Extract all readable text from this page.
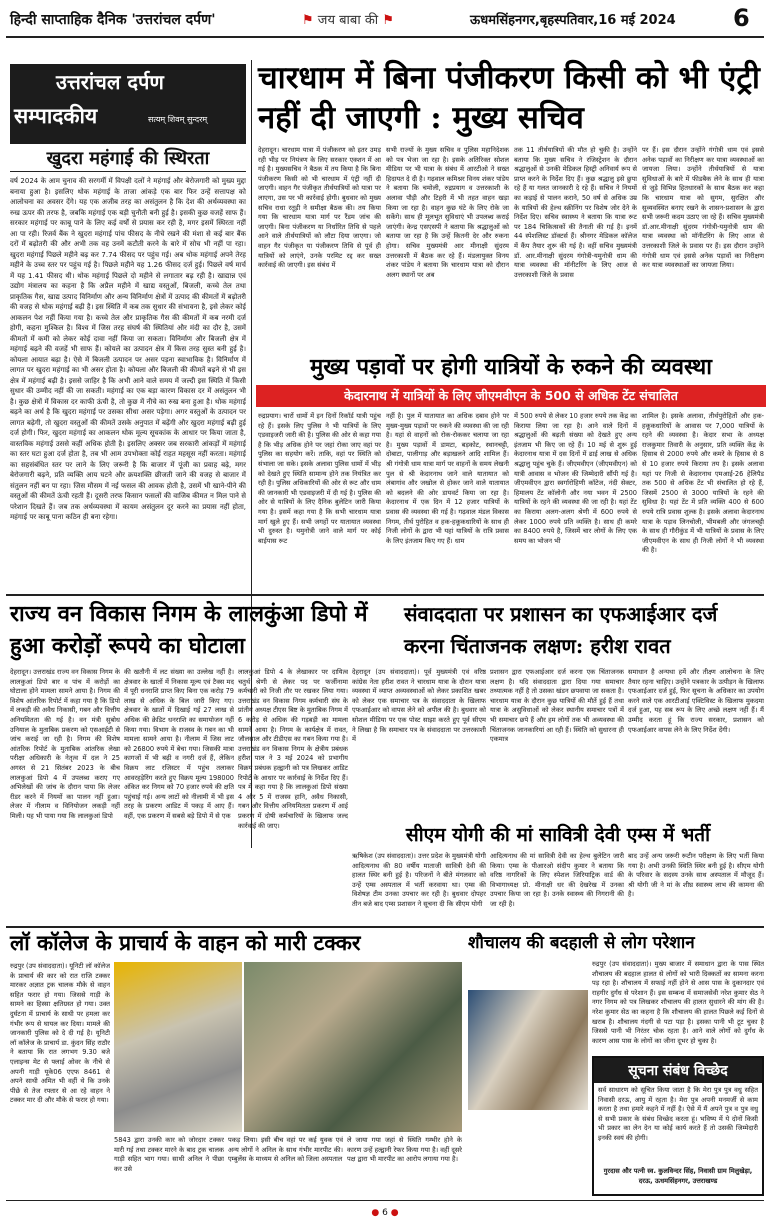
हिन्दी साप्ताहिक दैनिक 'उत्तरांचल दर्पण'	⚑ जय बाबा की ⚑	ऊधमसिंहनगर,बृहस्पतिवार,16 मई 2024 6
उत्तरांचल दर्पण
सम्पादकीय	सत्यम् शिवम् सुन्दरम्
खुदरा महंगाई की स्थिरता
वर्ष 2024 के आम चुनाव की सरगर्मी में विपक्षी दलों ने महंगाई और बेरोजगारी को मुख्य मुद्दा बनाया हुआ है। इसलिए थोक महंगाई के ताजा आंकड़े एक बार फिर उन्हें सत्तापक्ष को आलोचना का अवसर देंगे। यह एक अजीब तरह का असंतुलन है कि देश की अर्थव्यवस्था का रुख ऊपर की तरफ है, जबकि महंगाई एक बड़ी चुनौती बनी हुई है। इसकी कुछ वजहें साफ हैं। सरकार महंगाई पर काबू पाने के लिए कई वर्षों से प्रयास कर रही है, मगर इसमें स्थिरता नहीं आ पा रही। रिजर्व बैंक ने खुदरा महंगाई पांच फीसद के नीचे रखने की मंशा से कई बार बैंक दरों में बढ़ोतरी की और अभी तक वह उनमें कटौती करने के बारे में सोच भी नहीं पा रहा। खुदरा महंगाई पिछले महीने बढ़ कर 7.74 फीसद पर पहुंच गई। अब थोक महंगाई अपने तेरह महीने के उच्च स्तर पर पहुंच गई है। पिछले महीने यह 1.26 फीसद दर्ज हुई। पिछले वर्ष मार्च में यह 1.41 फीसद थी। थोक महंगाई पिछले दो महीने से लगातार बढ़ रही है। खाद्यान्न एवं उद्योग मंत्रालय का कहना है कि अप्रैल महीने में खाद्य वस्तुओं, बिजली, कच्चे तेल तथा प्राकृतिक गैस, खाद्य उत्पाद विनिर्माण और अन्य विनिर्माण क्षेत्रों में उत्पाद की कीमतों में बढ़ोतरी की वजह से थोक महंगाई बढ़ी है। इस स्थिति में कब तक सुधार की संभावना है, इसे लेकर कोई आकलन पेश नहीं किया गया है। कच्चे तेल और प्राकृतिक गैस की कीमतों में कब नरमी दर्ज होगी, कहना मुश्किल है। विश्व में जिस तरह संघर्ष की स्थितियां और मंदी का दौर है, उसमें कीमतों में कमी को लेकर कोई दावा नहीं किया जा सकता। विनिर्माण और बिजली क्षेत्र में महंगाई बढ़ने की वजहें भी साफ हैं। कोयले का उत्पादन क्षेत्र में किस तरह सुस्त बनी हुई है। कोयला आयात बढ़ा है। ऐसे में बिजली उत्पादन पर असर पड़ना स्वाभाविक है। विनिर्माण में लागत पर खुदरा महंगाई का भी असर होता है। कोयला और बिजली की कीमतें बढ़ने से भी इस क्षेत्र में महंगाई बढ़ी है। इससे जाहिर है कि अभी आने वाले समय में जल्दी इस स्थिति में किसी सुधार की उम्मीद नहीं की जा सकती। महंगाई का एक बड़ा कारण विकास दर में असंतुलन भी है। कुछ क्षेत्रों में विकास दर काफी ऊंची है, तो कुछ में नीचे का रुख बना हुआ है। थोक महंगाई बढ़ने का अर्थ है कि खुदरा महंगाई पर उसका सीधा असर पड़ेगा। अगर वस्तुओं के उत्पादन पर लागत बढ़ेगी, तो खुदरा वस्तुओं की कीमतें उसके अनुपात में बढ़ेंगी और खुदरा महंगाई बढ़ी हुई दर्ज होगी। फिर, खुदरा महंगाई का आकलन थोक मूल्य सूचकांक के आधार पर किया जाता है, वास्तविक महंगाई उससे कहीं अधिक होती है। इसलिए अक्सर जब सरकारी आंकड़ों में महंगाई का स्तर घटा हुआ दर्ज होता है, तब भी आम उपभोक्ता कोई राहत महसूस नहीं करता। महंगाई का सहसंबंधित स्तर पर लाने के लिए जरूरी है कि बाजार में पूंजी का प्रवाह बढ़े, मगर बेरोजगारी बढ़ने, प्रति व्यक्ति आय घटने और क्रयशक्ति छीजती जाने की वजह से बाजार में संतुलन नहीं बन पा रहा। जिस मौसम में नई फसल की आवक होती है, उसमें भी खाने-पीने की वस्तुओं की कीमतें ऊंची रहती हैं। दूसरी तरफ किसान फसलों की वाजिब कीमत न मिल पाने से परेशान दिखते हैं। जब तक अर्थव्यवस्था में कायम असंतुलन दूर करने का प्रयास नहीं होता, महंगाई पर काबू पाना कठिन ही बना रहेगा।
चारधाम में बिना पंजीकरण किसी को भी एंट्री नहीं दी जाएगी : मुख्य सचिव
देहरादून। चारधाम यात्रा में पंजीकरण को इतर उमड़ रही भीड़ पर नियंत्रण के लिए सरकार एक्शन में आ गई है। मुख्यसचिव ने बैठक में तय किया है कि बिना पंजीकरण किसी को भी चारधाम में एंट्री नहीं दी जाएगी। वाहन गैर पंजीकृत तीर्थयात्रियों को यात्रा पर लाएगा, उस पर भी कार्रवाई होगी। बुधवार को मुख्य सचिव राधा रतूड़ी ने समीक्षा बैठक की। तय किया गया कि चारधाम यात्रा मार्ग पर रैंडम जांच की जाएगी। बिना पंजीकरण या निर्धारित तिथि से पहले आने वाले तीर्थयात्रियों को लौटा दिया जाएगा। जो वाहन गैर पंजीकृत या पंजीकरण तिथि से पूर्व ही यात्रियों को लाएंगे, उनके परमिट रद्द कर सख्त कार्रवाई की जाएगी। इस संबंध में
सभी राज्यों के मुख्य सचिव व पुलिस महानिदेशक को पत्र भेजा जा रहा है। इसके अतिरिक्त सोशल मीडिया पर भी यात्रा के संबंध में आरटीओ ने सख्त हिदायत दे दी है। गढ़वाल कमिश्नर विनय शंकर पांडेय ने बताया कि चमोली, रुद्रप्रयाग व उत्तरकाशी के अलावा पौड़ी और टिहरी में भी तहत वाहन खड़ा किया जा रहा है। वाहन कुछ घंटे के लिए रोके जा सकेंगे। साथ ही मूलभूत सुविधाएं भी उपलब्ध कराई जाएंगी। केन्द्र एसएसपी ने बताया कि श्रद्धालुओं को बताया जा रहा है कि उन्हें कितनी देर और रुकना होगा। सचिव मुख्यमंत्री आर मीनाक्षी सुंदरम उत्तरकाशी में बैठक कर रहे हैं। मंडलायुक्त विनय शंकर पांडेय ने बताया कि चारधाम यात्रा को दौरान अलग स्थानों पर अब
तक 11 तीर्थयात्रियों की मौत हो चुकी है। उन्होंने बताया कि मुख्य सचिव ने रजिस्ट्रेशन के दौरान श्रद्धालुओं से उनकी मेडिकल हिस्ट्री अनिवार्य रूप से प्राप्त करने के निर्देश दिए हैं। कुछ श्रद्धालु इसे छुपा रहे हैं या गलत जानकारी दे रहे हैं। सचिव ने नियमों का कड़ाई से पालन कराने, 50 वर्ष से अधिक उम्र के यात्रियों की हेल्थ स्क्रीनिंग पर विशेष जोर देने के निर्देश दिए। सचिव स्वास्थ्य ने बताया कि यात्रा रूट पर 184 चिकित्सकों की तैनाती की गई है। इनमें 44 स्पेशलिस्ट डॉक्टर्स हैं। श्रीनगर मेडिकल कॉलेज में कैंप तैयार शुरू की गई है। वहीं सचिव मुख्यमंत्री डॉ. आर.मीनाक्षी सुंदरम गंगोत्री-यमुनोत्री धाम की यात्रा व्यवस्था की मॉनीटरिंग के लिए आज से उत्तरकाशी जिले के प्रवास
पर हैं। इस दौरान उन्होंने गंगोत्री धाम एवं इससे अनेक पड़ावों का निरीक्षण कर यात्रा व्यवस्थाओं का जायजा लिया। उन्होंने तीर्थयात्रियों से यात्रा सुविधाओं के बारे में फीडबैक लेने के साथ ही यात्रा से जुड़े विभिन्न हितधारकों के साथ बैठक कर कहा कि चारधाम यात्रा को सुगम, सुरक्षित और सुव्यवस्थित बनाए रखने के शासन-प्रशासन के द्वारा सभी जरूरी कदम उठाए जा रहे हैं। सचिव मुख्यमंत्री डॉ.आर.मीनाक्षी सुंदरम गंगोत्री-यमुनोत्री धाम की यात्रा व्यवस्था को मॉनीटरिंग के लिए आज से उत्तरकाशी जिले के प्रवास पर हैं। इस दौरान उन्होंने गंगोत्री धाम एवं इससे अनेक पड़ावों का निरीक्षण कर यात्रा व्यवस्थाओं का जायजा लिया।
मुख्य पड़ावों पर होगी यात्रियों के रुकने की व्यवस्था
केदारनाथ में यात्रियों के लिए जीएमवीएन के 500 से अधिक टेंट संचालित
रुद्रप्रयाग। चारों धामों में इन दिनों रिकॉर्ड यात्री पहुंच रहे हैं। इसके लिए पुलिस ने भी यात्रियों के लिए एडवाइजरी जारी की है। पुलिस की ओर से कहा गया है कि भीड़ अधिक होने पर जहां रोका जाए वहां पर पुलिस का सहयोग करें। ताकि, वहां पर स्थिति को संभाला जा सके। इसके अलावा पुलिस धामों में भीड़ को देखते हुए स्थिति सामान्य होने तक नियंत्रित कर रही है। पुलिस अधिकारियों की ओर से रूट और धाम की जानकारी भी एडवाइजरी में दी गई है। पुलिस की ओर से यात्रियों के लिए दैनिक बुलेटिन जारी किया गया है। इसमें कहा गया है कि सभी चारधाम यात्रा मार्ग खुले हुए हैं। सभी जगहों पर यातायात व्यवस्था भी दुरुस्त है। यमुनोत्री जाने वाले मार्ग पर कोई बाईपास रूट
नहीं है। पुल में यातायात का अधिक दबाव होने पर मुख्य-मुख्य पड़ावों पर रुकने की व्यवस्था की जा रही है। यहां से वाहनों को रोक-रोककर चलाया जा रहा है। मुख्य पड़ावों में डामटा, बड़कोट, स्थानचट्टी, दोबाटा, पालीगाड़ और बड़ाखलने आदि शामिल हैं। श्री गंगोत्री धाम यात्रा मार्ग पर वाहनों के समय लेखनी पुल से श्री केदारनाथ जाने वाले यातायात को लंबागांव और जखोल से होकर जाने वाले यातायात को बदलने की ओर डायवर्ट किया जा रहा है। केदारनाथ में एक दिन में 12 हजार यात्रियों के प्रवास की व्यवस्था की गई है। गढ़वाल मंडल विकास निगम, तीर्थ पुरोहित व हक-हकूकधारियों के साथ ही निजी लोगों के द्वारा भी यहां यात्रियों के रात्रि प्रवास के लिए इंतजाम किए गए हैं। धाम
में 500 रुपये से लेकर 10 हजार रुपये तक केंद्र का किराया लिया जा रहा है। आने वाले दिनों में श्रद्धालुओं की बढ़ती संख्या को देखते हुए अन्य इंतजाम भी किए जा रहे हैं। 10 मई से शुरू हुई केदारनाथ यात्रा में दस दिनों में ढाई लाख से अधिक श्रद्धालु पहुंच चुके हैं। जीएमवीएन (जीएमवीएन) को यात्री आवास व भोजन की जिम्मेदारी सौंपी गई है। जीएमवीएन द्वारा स्वर्गारोहिणी कॉटेज, नंदी सेक्टर, हिमालय टेंट कॉलोनी और नया भवन में 2500 यात्रियों के रहने की व्यवस्था की जा रही है। यहां टेंट का किराया अलग-अलग श्रेणी में 600 रुपये से लेकर 1000 रुपये प्रति व्यक्ति है। साथ ही कमरे का 8400 रुपये है, जिसमें चार लोगों के लिए एक समय का भोजन भी
शामिल है। इसके अलावा, तीर्थपुरोहितों और हक-हकूकधारियों के आवास पर 7,000 यात्रियों के रहने की व्यवस्था है। केदार सभा के अध्यक्ष राजकुमार तिवारी के अनुसार, प्रति व्यक्ति केंद्र के हिसाब से 2000 रुपये और कमरे के हिसाब से 8 से 10 हजार रुपये किराया तय है। इसके अलावा यहां पर निजी से केदारनाथ एमआई-26 हेलिपैड तक 500 से अधिक टेंट भी संचालित हो रहे हैं, जिसमें 2500 से 3000 यात्रियों के रहने की सुविधा है। यहां टेंट में प्रति व्यक्ति 400 से 600 रुपये रात्रि प्रवास शुल्क है। इसके अलावा केदारनाथ यात्रा के पड़ाव लिनचोली, भीमबली और जंगलचट्टी के साथ ही गौरीकुंड में भी यात्रियों के प्रवास के लिए जीएमवीएन के साथ ही निजी लोगों ने भी व्यवस्था की है।
राज्य वन विकास निगम के लालकुंआ डिपो में हुआ करोड़ों रूपये का घोटाला
देहरादून। उत्तराखंड राज्य वन विकास निगम के लालकुआं डिपो बार व पांच में करोड़ों का घोटाला होने मामला सामने आया है। निगम की विशेष आंतरिक रिपोर्ट में कहा गया है कि डिपो में लकड़ी की अवैध निकासी, गबन और वित्तीय अनियमितता की गई है। वन मंत्री सुबोध उनियाल के मुताबिक प्रकरण को एसआईटी से जांच कराई जा रही है। निगम की विशेष आंतरिक रिपोर्ट के मुताबिक आंतरिक लेखा परीक्षा अधिकारी के नेतृत्व में दल ने 25 अगस्त से 21 सितंबर 2023 के बीच लालकुआं डिपो 4 में उपलब्ध कराए गए अभिलेखों की जांच के दौरान पाया कि लेजर रीडर करने में नियमों का पालन नहीं हुआ। लेजर में नीलाम व विनियोजन लकड़ी नहीं मिली। यह भी पाया गया कि लालकुआं डिपो
की खतौनी में लट संख्या का उल्लेख नहीं है। क्षेत्रवार के खातों में निकास मूल्य एवं टैक्स मद में पूरी धनराशि प्राप्त किए बिना एक करोड़ 79 लाख से अधिक के बिल जारी किए गए। क्षेत्रवार के खातों में दिखाई गई 27 लाख से अधिक की क्रेडिट धनराशि का समायोजन नहीं किया गया। विभाग के राजस्व के गबन का भी मामला सामने आया है। नीलाम में जिस लाट को 26800 रुपये में बेचा गया। जिसकी मात्रा कागजों में भी बढ़ी व नगरी दर्ज हैं, लेकिन विक्रय लाट रजिस्टर में पहुंच तलाकर आवरहड़ेरिंग करते हुए विक्रय मूल्य 198000 अंकित कर निगम को 70 हजार रुपये की क्षति पहुंचाई गई। अन्य लाटों को नीलामी में भी इस तरह के प्रकरण आडिट में पकड़ में आए हैं। वहीं, एक प्रकरण में सबसे बड़े डिपो में से एक
लालकुआं डिपो 4 के लेखाकार पर दायित्व चतुर्थ श्रेणी से लेकर पद पर फर्जीनामा कर्मचारी को निजी तौर पर रखकर लिया गया। उत्तराखंड वन विकास निगम कर्मचारी संघ के प्रांतीय अध्यक्ष टीएस बिष्ट के मुताबिक निगम में 6 करोड़ से अधिक की गड़बड़ी का मामला सामने आया है। निगम के कार्यक्षेत्र में रावत, जौलसाल और टीडीएस का गबन किया गया है। उत्तराखंड वन विकास निगम के क्षेत्रीय प्रबंधक हरीश पाल ने 3 मई 2024 को प्रभागीय विक्रय प्रबंधक हल्द्वानी को पत्र लिखकर आडिट रिपोर्ट के आधार पर कार्रवाई के निर्देश दिए हैं। पत्र में कहा गया है कि लालकुआं डिपो संख्या 4 और 5 में राजस्व हानि, अवैध निकासी, गबन और वित्तीय अनियमितता प्रकरण में आई प्रकरण में दोषी कर्मचारियों के खिलाफ जल्द कार्रवाई की जाए।
संवाददाता पर प्रशासन का एफआईआर दर्ज करना चिंताजनक लक्षण: हरीश रावत
देहरादून (उप संवाददाता)। पूर्व मुख्यमंत्री एवं वरिष्ठ कांग्रेस नेता हरीश रावत ने चारधाम यात्रा के दौरान यात्रा व्यवस्था में व्याप्त अव्यवस्थाओं को लेकर प्रकाशित खबर को लेकर एक समाचार पत्र के संवाददाता के खिलाफ एफआईआर को वापस लेने को अपील की है। बुधवार को सोशल मीडिया पर एक पोस्ट साझा करते हुए पूर्व सीएम ने लिखा है कि समाचार पत्र के संवाददाता पर उत्तरकाशी में
प्रशासन द्वारा एफआईआर दर्ज करना एक चिंताजनक लक्षण है। यदि संवाददाता द्वारा दिया गया समाचार तथ्यात्मक नहीं है तो उसका खंडन छपवाया जा सकता है। चारधाम यात्रा के दौरान कुछ यात्रियों की मौतें हुई हैं तथा यात्रा के असुविधाओं को लेकर स्थानीय समाचार पत्रों में भी समाचार छपे हैं और हम लोगों तक भी अव्यवस्था की चिंताजनक जानकारियां आ रही हैं। स्थिति को सुधारना ही एकमात्र
समाधान है अन्यथा हमें और तीक्ष्ण आलोचना के लिए तैयार रहना चाहिए। उन्होंने पत्रकार के उत्पीड़न के खिलाफ एफआईआर दर्ज हुई, फिर सूचना के अधिकार का उपयोग करने वाले एक आरटीआई एक्टिविस्ट के खिलाफ मुकदमा दर्ज हुआ, यह सब रूप के लिए अच्छे लक्षण नहीं हैं। मैं उम्मीद करता हूं कि राज्य सरकार, प्रशासन को एफआईआर वापस लेने के लिए निर्देश देंगी।
सीएम योगी की मां सावित्री देवी एम्स में भर्ती
ऋषिकेश (उप संवाददाता)। उत्तर प्रदेश के मुख्यमंत्री योगी आदित्यनाथ की 80 वर्षीय माताजी सावित्री देवी की हालत स्थिर बनी हुई है। परिजनों ने बीते मंगलवार को उन्हें एम्स अस्पताल में भर्ती करवाया था। एम्स की विशेषज्ञ टीम उनका उपचार कर रही है। बुधवार दोपहर तीन बजे बाद एम्स प्रशासन ने सूचना दी कि सीएम योगी
आदित्यनाथ की मां सावित्री देवी का हेल्थ बुलेटिन जारी किया। एम्स के पीआरओ संदीप कुमार ने बताया कि वरिष्ठ नागरिकों के लिए स्पेशल जिरियाट्रिक वार्ड की विभागाध्यक्ष प्रो. मीनाक्षी धर की देखरेख में उनका उपचार किया जा रहा है। उनके स्वास्थ्य की निगरानी की जा रही है।
बाद उन्हें अन्य जरूरी रूटीन परीक्षण के लिए भर्ती किया गया है। अभी उनकी स्थिति स्थिर बनी हुई है। सीएम योगी के परिवार के सदस्य उनके साथ अस्पताल में मौजूद हैं। श्री योगी जी ने मां के शीघ्र स्वास्थ्य लाभ की कामना की है।
लॉ कॉलेज के प्राचार्य के वाहन को मारी टक्कर
रुद्रपुर (उप संवाददाता)। यूनिटी लॉ कॉलेज के प्राचार्य की कार को रात राजि टक्कर मारकर अज्ञात ट्रक चालक मौके से वाहन सहित फरार हो गया। जिससे गाड़ी के सामने का हिस्सा क्षतिग्रस्त हो गया। उक्त दुर्घटना में प्राचार्य के साथी पर हमला कर गंभीर रूप से घायल कर दिया। मामले की जानकारी पुलिस को दे दी गई है। यूनिटी लॉ कॉलेज के प्राचार्य डा. कुंदन सिंह राठौर ने बताया कि रात लगभग 9.30 बजे एलाइन्स मेट से फ्लाई ओवर के नीचे से अपनी गाड़ी यूके06 एएफ 8461 से अपने साथी अमित भी वहीं थे कि उनके पीछे से तेज रफ्तार से आ रहे वाहन ने टक्कर मार दी और मौके से फरार हो गया।
5843 द्वारा उनकी कार को जोरदार टक्कर मारी गई तथा टक्कर मारने के बाद ट्रक चालक गाड़ी सहित भाग गया। साथी अनिल ने पीछा कर उसे
पकड़ लिया। इसी बीच वहां पर कई युवक एवं अन्य लोगों ने अनिल के साथ गंभीर मारपीट की। एम्बुलेंस के माध्यम से अनिल को जिला अस्पताल
ले जाया गया जहां से स्थिति गम्भीर होने के कारण उन्हें हल्द्वानी रेफर किया गया है। वहीं दूसरे पक्ष द्वारा भी मारपीट का आरोप लगाया गया है।
शौचालय की बदहाली से लोग परेशान
रुद्रपुर (उप संवाददाता)। मुख्य बाजार में समाधान द्वारा के पास स्थित शौचालय की बदहाल हालत से लोगों को भारी दिक्कतों का सामना करना पड़ रहा है। शौचालय में सफाई नहीं होने से आस पास के दुकानदार एवं राहगीर दुर्गंध से परेशान हैं। इस सम्बन्ध में समाजसेवी नरेश कुमार सेठ ने नगर निगम को पत्र लिखकर शौचालय की हालत सुधारने की मांग की है। नरेश कुमार सेठ का कहना है कि शौचालय की हालत पिछले कई दिनों से खराब है। शौचालय गंदगी से पटा पड़ा है। इसका पानी भी टूट चुका है जिससे पानी भी निरंतर चोक रहता है। आने वाले लोगों को दुर्गंध के कारण आस पास के लोगों का जीना दूभर हो चुका है।
सूचना संबंध विच्छेद
सर्व साधारण को सूचित किया जाता है कि मेरा पुत्र पुत्र वधु सहित निवासी दरऊ, आयु में रहता है। मेरा पुत्र अपनी मनमर्जी से काम करता है तथा हमारे कहने में नहीं है। ऐसे में मैं अपने पुत्र व पुत्र वधु से सभी प्रकार के संबंध विच्छेद करता हूं। भविष्य में ये दोनों किसी भी प्रकार का लेन देन या कोई कार्य करते हैं तो उसकी जिम्मेदारी इनकी स्वयं की होगी।
गुरदास और पत्नी स्व. कुलविन्दर सिंह, निवासी ग्राम मिलुखेड़ा, दरऊ, ऊधमसिंहनगर, उत्तराखण्ड
● 6 ●
